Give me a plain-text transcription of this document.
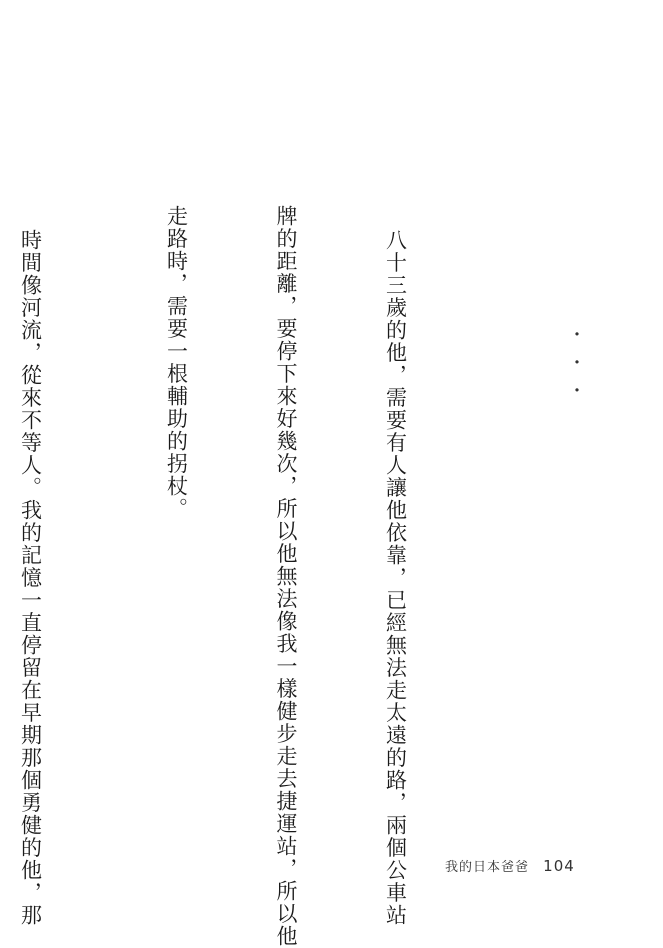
・・・

八十三歲的他，需要有人讓他依靠，已經無法走太遠的路，兩個公車站

牌的距離，要停下來好幾次，所以他無法像我一樣健步走去捷運站，所以他

走路時，需要一根輔助的拐杖。

時間像河流，從來不等人。我的記憶一直停留在早期那個勇健的他，那

	我的日本爸爸 104
